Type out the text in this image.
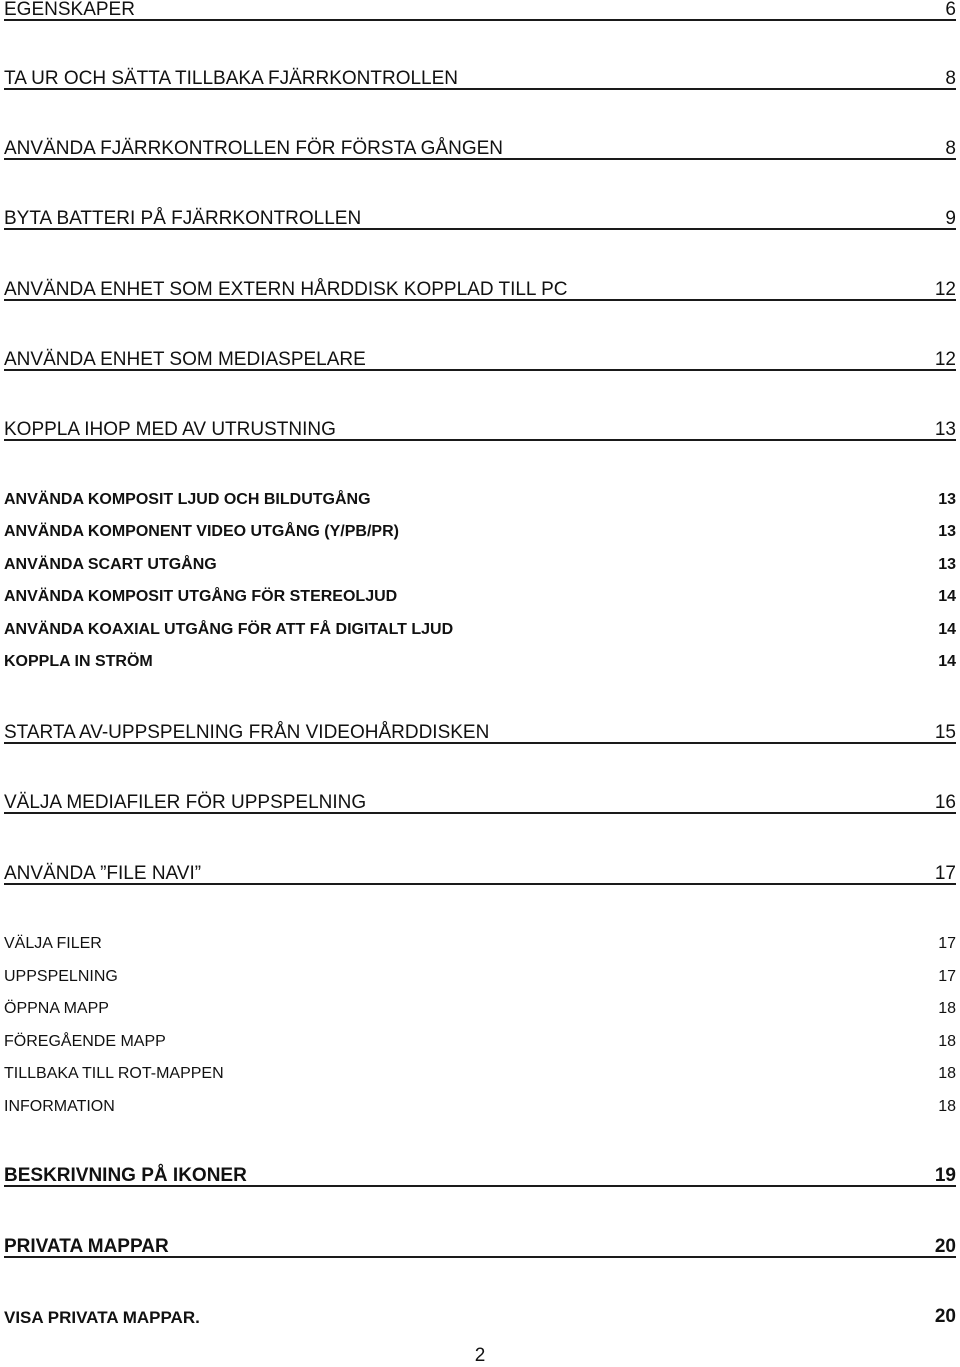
EGENSKAPER	6
TA UR OCH SÄTTA TILLBAKA FJÄRRKONTROLLEN	8
ANVÄNDA FJÄRRKONTROLLEN FÖR FÖRSTA GÅNGEN	8
BYTA BATTERI PÅ FJÄRRKONTROLLEN	9
ANVÄNDA ENHET SOM EXTERN HÅRDDISK KOPPLAD TILL PC	12
ANVÄNDA ENHET SOM MEDIASPELARE	12
KOPPLA IHOP MED AV UTRUSTNING	13
ANVÄNDA KOMPOSIT LJUD OCH BILDUTGÅNG	13
ANVÄNDA KOMPONENT VIDEO UTGÅNG (Y/PB/PR)	13
ANVÄNDA SCART UTGÅNG	13
ANVÄNDA KOMPOSIT UTGÅNG FÖR STEREOLJUD	14
ANVÄNDA KOAXIAL UTGÅNG FÖR ATT FÅ DIGITALT LJUD	14
KOPPLA IN STRÖM	14
STARTA AV-UPPSPELNING FRÅN VIDEOHÅRDDISKEN	15
VÄLJA MEDIAFILER FÖR UPPSPELNING	16
ANVÄNDA ”FILE NAVI”	17
VÄLJA FILER	17
UPPSPELNING	17
ÖPPNA MAPP	18
FÖREGÅENDE MAPP	18
TILLBAKA TILL ROT-MAPPEN	18
INFORMATION	18
BESKRIVNING PÅ IKONER	19
PRIVATA MAPPAR	20
VISA PRIVATA MAPPAR.	20
2
